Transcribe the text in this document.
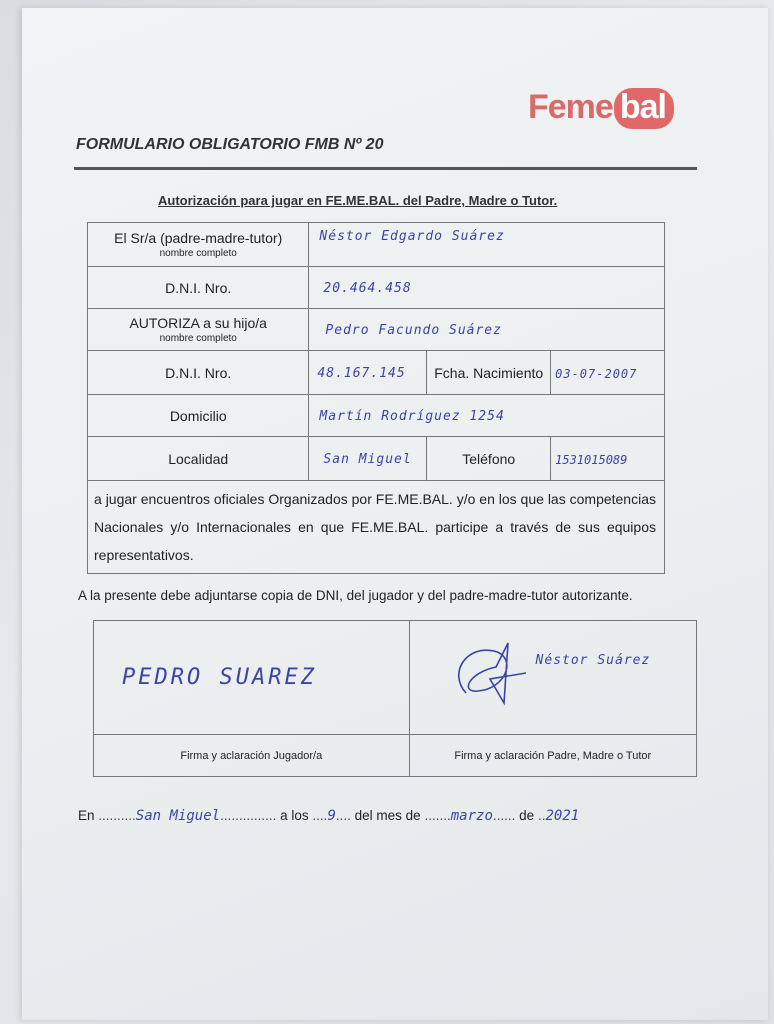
Feme bal
FORMULARIO OBLIGATORIO FMB Nº 20
Autorización para jugar en FE.ME.BAL. del Padre, Madre o Tutor.
El Sr/a (padre-madre-tutor)
nombre completo	Néstor Edgardo Suárez		
D.N.I. Nro.	20.464.458		
AUTORIZA a su hijo/a
nombre completo	Pedro Facundo Suárez		
D.N.I. Nro.	48.167.145	Fcha. Nacimiento	03-07-2007
Domicilio	Martín Rodríguez 1254		
Localidad	San Miguel	Teléfono	1531015089
a jugar encuentros oficiales Organizados por FE.ME.BAL. y/o en los que las competencias Nacionales y/o Internacionales en que FE.ME.BAL. participe a través de sus equipos representativos.			
A la presente debe adjuntarse copia de DNI, del jugador y del padre-madre-tutor autorizante.
PEDRO SUAREZ	Néstor Suárez

Firma y aclaración Jugador/a	Firma y aclaración Padre, Madre o Tutor
En ..........San Miguel............... a los ....9.... del mes de .......marzo...... de ..2021
